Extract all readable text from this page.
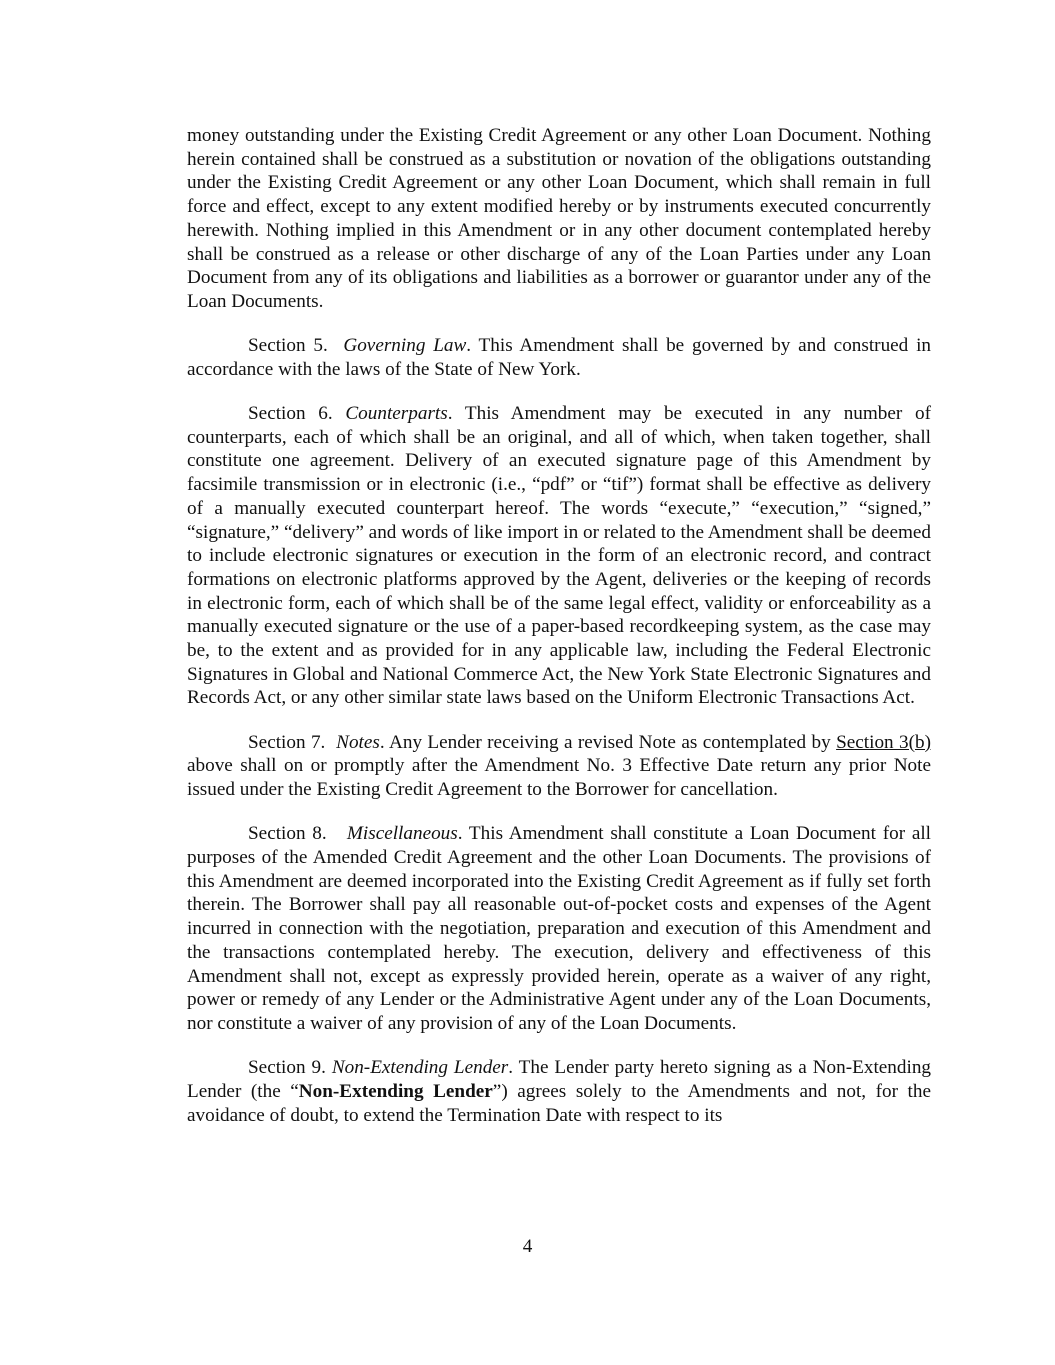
money outstanding under the Existing Credit Agreement or any other Loan Document. Nothing herein contained shall be construed as a substitution or novation of the obligations outstanding under the Existing Credit Agreement or any other Loan Document, which shall remain in full force and effect, except to any extent modified hereby or by instruments executed concurrently herewith. Nothing implied in this Amendment or in any other document contemplated hereby shall be construed as a release or other discharge of any of the Loan Parties under any Loan Document from any of its obligations and liabilities as a borrower or guarantor under any of the Loan Documents.

Section 5. Governing Law. This Amendment shall be governed by and construed in accordance with the laws of the State of New York.

Section 6. Counterparts. This Amendment may be executed in any number of counterparts, each of which shall be an original, and all of which, when taken together, shall constitute one agreement. Delivery of an executed signature page of this Amendment by facsimile transmission or in electronic (i.e., “pdf” or “tif”) format shall be effective as delivery of a manually executed counterpart hereof. The words “execute,” “execution,” “signed,” “signature,” “delivery” and words of like import in or related to the Amendment shall be deemed to include electronic signatures or execution in the form of an electronic record, and contract formations on electronic platforms approved by the Agent, deliveries or the keeping of records in electronic form, each of which shall be of the same legal effect, validity or enforceability as a manually executed signature or the use of a paper-based recordkeeping system, as the case may be, to the extent and as provided for in any applicable law, including the Federal Electronic Signatures in Global and National Commerce Act, the New York State Electronic Signatures and Records Act, or any other similar state laws based on the Uniform Electronic Transactions Act.

Section 7. Notes. Any Lender receiving a revised Note as contemplated by Section 3(b) above shall on or promptly after the Amendment No. 3 Effective Date return any prior Note issued under the Existing Credit Agreement to the Borrower for cancellation.

Section 8. Miscellaneous. This Amendment shall constitute a Loan Document for all purposes of the Amended Credit Agreement and the other Loan Documents. The provisions of this Amendment are deemed incorporated into the Existing Credit Agreement as if fully set forth therein. The Borrower shall pay all reasonable out-of-pocket costs and expenses of the Agent incurred in connection with the negotiation, preparation and execution of this Amendment and the transactions contemplated hereby. The execution, delivery and effectiveness of this Amendment shall not, except as expressly provided herein, operate as a waiver of any right, power or remedy of any Lender or the Administrative Agent under any of the Loan Documents, nor constitute a waiver of any provision of any of the Loan Documents.

Section 9. Non-Extending Lender. The Lender party hereto signing as a Non-Extending Lender (the “Non-Extending Lender”) agrees solely to the Amendments and not, for the avoidance of doubt, to extend the Termination Date with respect to its

4
